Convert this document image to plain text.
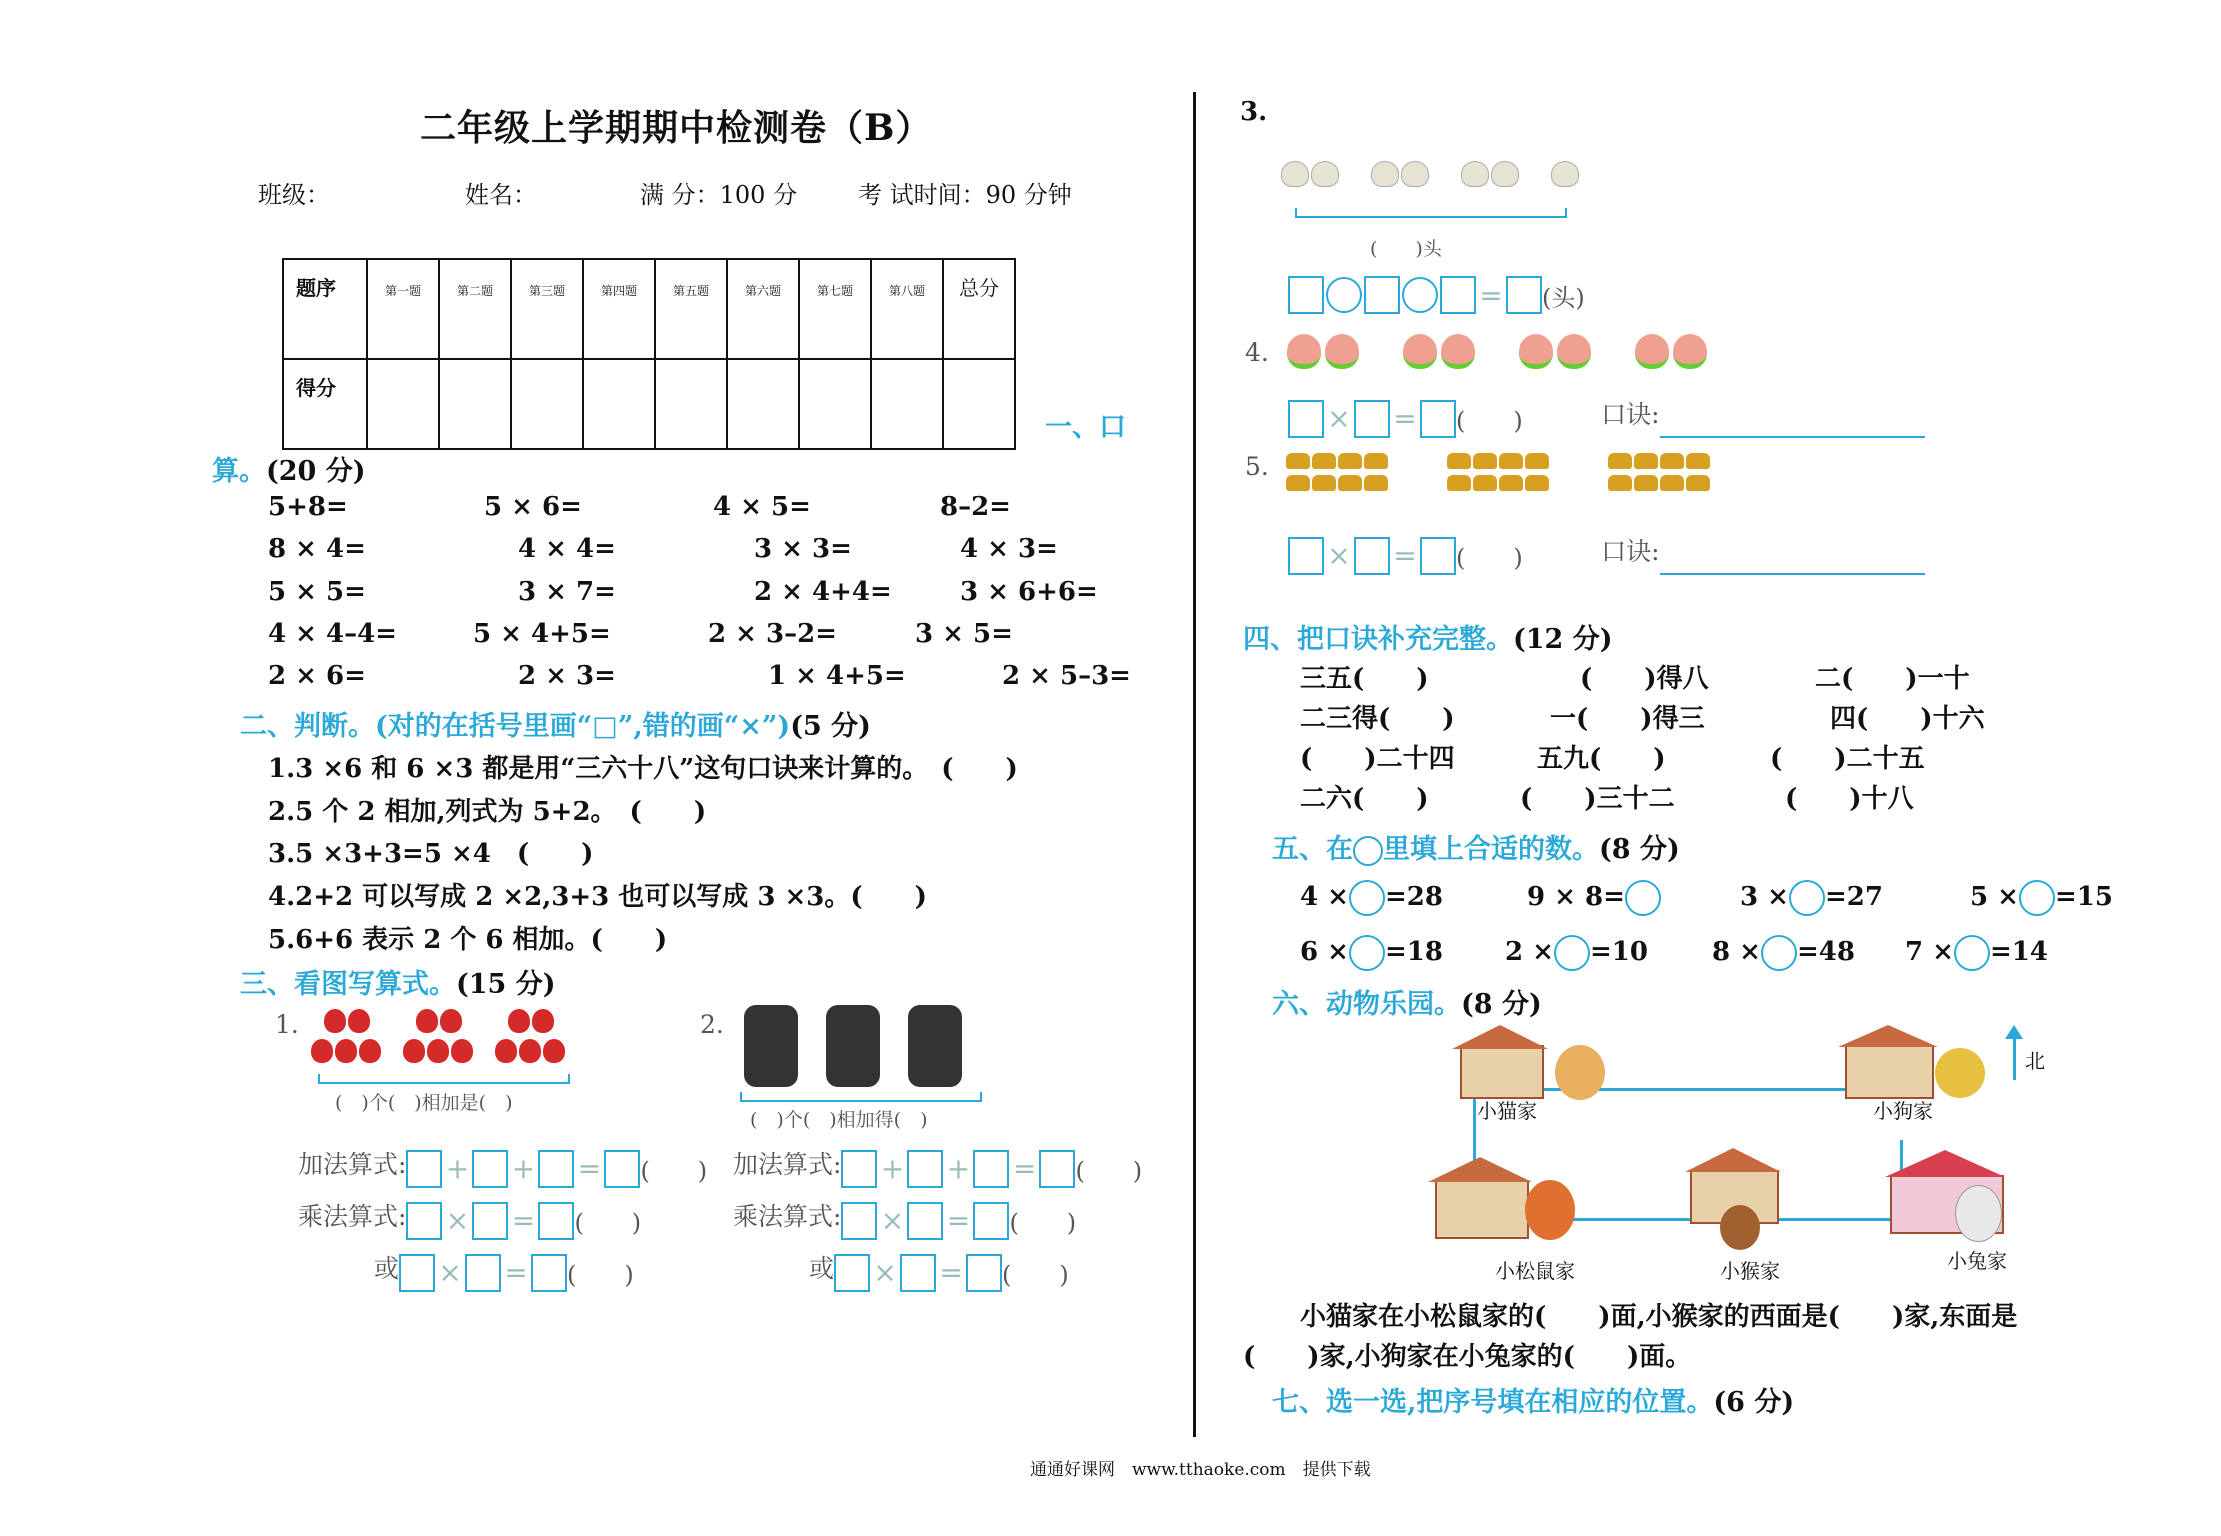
二年级上学期期中检测卷（B）
班级：	姓名：	满 分：100 分	考 试时间：90 分钟
题序	第一题	第二题	第三题	第四题	第五题	第六题	第七题	第八题	总分
得分									
一、口
算。(20 分)
5+8=	5 × 6=	4 × 5=	8–2=
8 × 4=	4 × 4=	3 × 3=	4 × 3=
5 × 5=	3 × 7=	2 × 4+4=	3 × 6+6=
4 × 4–4=	5 × 4+5=	2 × 3–2=	3 × 5=
2 × 6=	2 × 3=	1 × 4+5=	2 × 5–3=
二、判断。(对的在括号里画“□”,错的画“×”)(5 分)
1.3 ×6 和 6 ×3 都是用“三六十八”这句口诀来计算的。　(　　)
2.5 个 2 相加,列式为 5+2。　(　　)
3.5 ×3+3=5 ×4　(　　)
4.2+2 可以写成 2 ×2,3+3 也可以写成 3 ×3。(　　)
5.6+6 表示 2 个 6 相加。(　　)
三、看图写算式。(15 分)
1.

(　)个(　)相加是(　)
加法算式: + + = (　　)
乘法算式: × = (　　)
或 × = (　　)
2.
(　)个(　)相加得(　)
加法算式: + + = (　　)
乘法算式: × = (　　)
或 × = (　　)
3.
(　　)头
= (头)
4.
× = (　　)	口诀:
5.

× = (　　)	口诀:
四、把口诀补充完整。(12 分)
三五(　　)	(　　)得八	二(　　)一十
二三得(　　)	一(　　)得三	四(　　)十六
(　　)二十四	五九(　　)	(　　)二十五
二六(　　)	(　　)三十二	(　　)十八
五、在 里填上合适的数。(8 分)
4 × =28	9 × 8=	3 × =27	5 × =15
6 × =18 2 × =10 8 × =48 7 × =14
六、动物乐园。(8 分)
小猫家	小狗家
北
小松鼠家	小猴家	小兔家
小猫家在小松鼠家的(　　)面,小猴家的西面是(　　)家,东面是
(　　)家,小狗家在小兔家的(　　)面。
七、选一选,把序号填在相应的位置。(6 分)
通通好课网　www.tthaoke.com　提供下载
